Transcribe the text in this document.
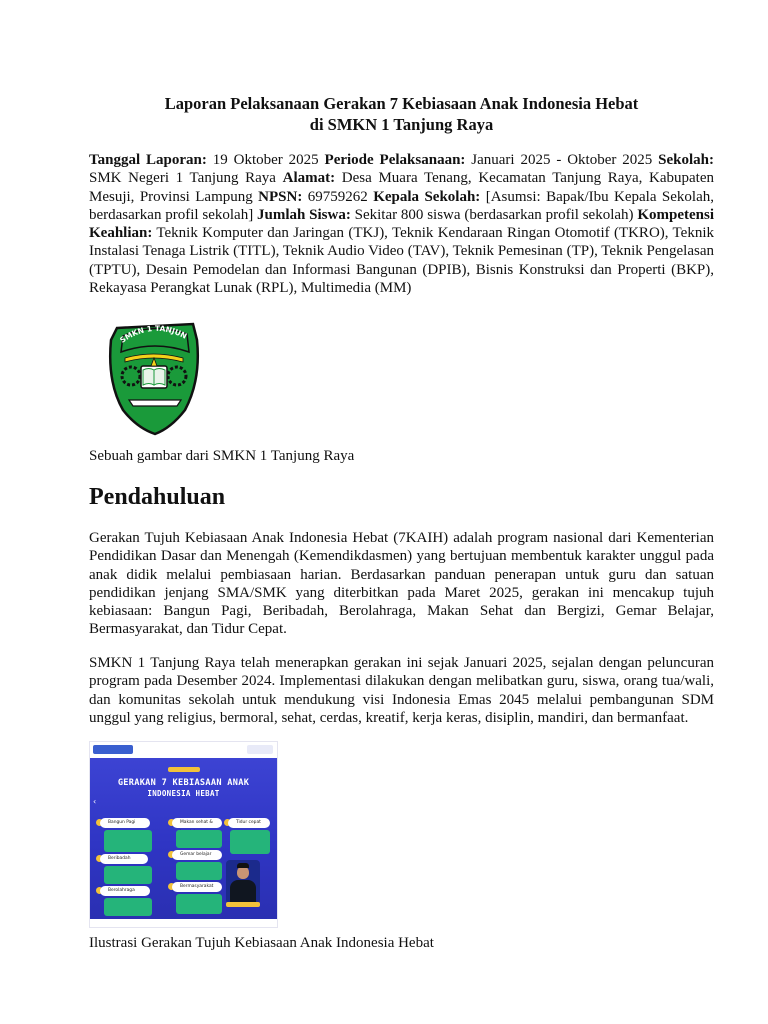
Laporan Pelaksanaan Gerakan 7 Kebiasaan Anak Indonesia Hebat
di SMKN 1 Tanjung Raya
Tanggal Laporan: 19 Oktober 2025 Periode Pelaksanaan: Januari 2025 - Oktober 2025 Sekolah: SMK Negeri 1 Tanjung Raya Alamat: Desa Muara Tenang, Kecamatan Tanjung Raya, Kabupaten Mesuji, Provinsi Lampung NPSN: 69759262 Kepala Sekolah: [Asumsi: Bapak/Ibu Kepala Sekolah, berdasarkan profil sekolah] Jumlah Siswa: Sekitar 800 siswa (berdasarkan profil sekolah) Kompetensi Keahlian: Teknik Komputer dan Jaringan (TKJ), Teknik Kendaraan Ringan Otomotif (TKRO), Teknik Instalasi Tenaga Listrik (TITL), Teknik Audio Video (TAV), Teknik Pemesinan (TP), Teknik Pengelasan (TPTU), Desain Pemodelan dan Informasi Bangunan (DPIB), Bisnis Konstruksi dan Properti (BKP), Rekayasa Perangkat Lunak (RPL), Multimedia (MM)
SMKN 1 TANJUN
Sebuah gambar dari SMKN 1 Tanjung Raya
Pendahuluan
Gerakan Tujuh Kebiasaan Anak Indonesia Hebat (7KAIH) adalah program nasional dari Kementerian Pendidikan Dasar dan Menengah (Kemendikdasmen) yang bertujuan membentuk karakter unggul pada anak didik melalui pembiasaan harian. Berdasarkan panduan penerapan untuk guru dan satuan pendidikan jenjang SMA/SMK yang diterbitkan pada Maret 2025, gerakan ini mencakup tujuh kebiasaan: Bangun Pagi, Beribadah, Berolahraga, Makan Sehat dan Bergizi, Gemar Belajar, Bermasyarakat, dan Tidur Cepat.
SMKN 1 Tanjung Raya telah menerapkan gerakan ini sejak Januari 2025, sejalan dengan peluncuran program pada Desember 2024. Implementasi dilakukan dengan melibatkan guru, siswa, orang tua/wali, dan komunitas sekolah untuk mendukung visi Indonesia Emas 2045 melalui pembangunan SDM unggul yang religius, bermoral, sehat, cerdas, kreatif, kerja keras, disiplin, mandiri, dan bermanfaat.
GERAKAN 7 KEBIASAAN ANAK
INDONESIA HEBAT
‹
Bangun Pagi
Beribadah
Berolahraga
Makan sehat &
Gemar belajar
Bermasyarakat
Tidur cepat
Ilustrasi Gerakan Tujuh Kebiasaan Anak Indonesia Hebat
